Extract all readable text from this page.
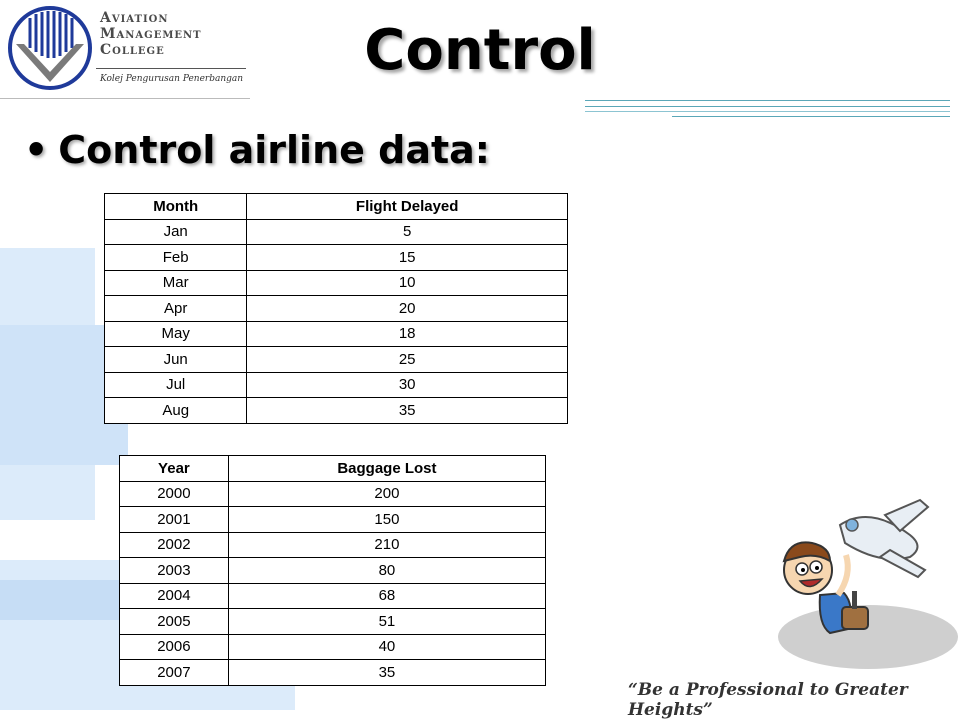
Aviation
Management
College
Kolej Pengurusan Penerbangan	Control
• Control airline data:
Month	Flight Delayed
Jan	5
Feb	15
Mar	10
Apr	20
May	18
Jun	25
Jul	30
Aug	35
Year	Baggage Lost
2000	200
2001	150
2002	210
2003	80
2004	68
2005	51
2006	40
2007	35
“Be a Professional to Greater Heights”
